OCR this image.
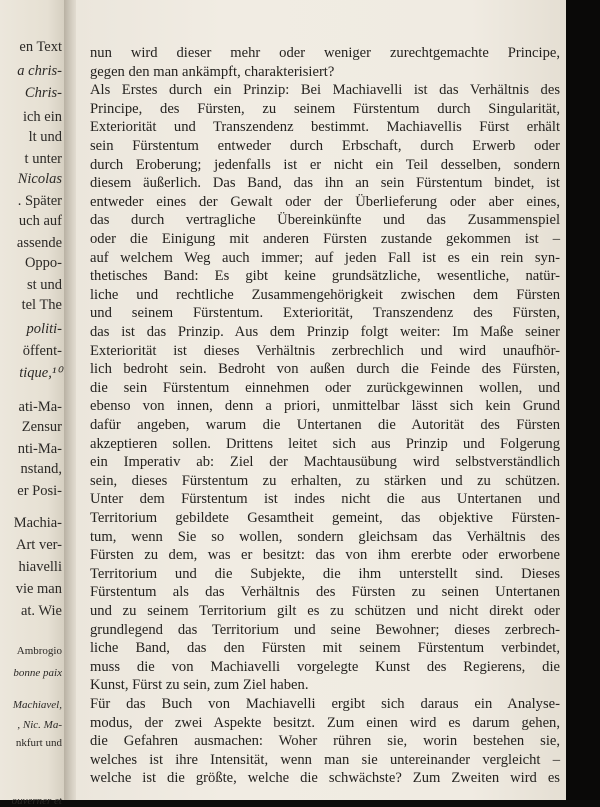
en Text
a chris-
Chris-
ich ein
lt und
t unter
Nicolas
. Später
uch auf
assende
Oppo-
st und
tel The
politi-
öffent-
tique,¹⁰
ati-Ma-
Zensur
nti-Ma-
nstand,
er Posi-
Machia-
Art ver-
hiavelli
vie man
at. Wie
Ambrogio
bonne paix
Machiavel,
, Nic. Ma-
nkfurt und
ouverner et
nun wird dieser mehr oder weniger zurechtgemachte Principe,
gegen den man ankämpft, charakterisiert?
Als Erstes durch ein Prinzip: Bei Machiavelli ist das Verhältnis des
Principe, des Fürsten, zu seinem Fürstentum durch Singularität,
Exteriorität und Transzendenz bestimmt. Machiavellis Fürst erhält
sein Fürstentum entweder durch Erbschaft, durch Erwerb oder
durch Eroberung; jedenfalls ist er nicht ein Teil desselben, sondern
diesem äußerlich. Das Band, das ihn an sein Fürstentum bindet, ist
entweder eines der Gewalt oder der Überlieferung oder aber eines,
das durch vertragliche Übereinkünfte und das Zusammenspiel
oder die Einigung mit anderen Fürsten zustande gekommen ist –
auf welchem Weg auch immer; auf jeden Fall ist es ein rein syn-
thetisches Band: Es gibt keine grundsätzliche, wesentliche, natür-
liche und rechtliche Zusammengehörigkeit zwischen dem Fürsten
und seinem Fürstentum. Exteriorität, Transzendenz des Fürsten,
das ist das Prinzip. Aus dem Prinzip folgt weiter: Im Maße seiner
Exteriorität ist dieses Verhältnis zerbrechlich und wird unaufhör-
lich bedroht sein. Bedroht von außen durch die Feinde des Fürsten,
die sein Fürstentum einnehmen oder zurückgewinnen wollen, und
ebenso von innen, denn a priori, unmittelbar lässt sich kein Grund
dafür angeben, warum die Untertanen die Autorität des Fürsten
akzeptieren sollen. Drittens leitet sich aus Prinzip und Folgerung
ein Imperativ ab: Ziel der Machtausübung wird selbstverständlich
sein, dieses Fürstentum zu erhalten, zu stärken und zu schützen.
Unter dem Fürstentum ist indes nicht die aus Untertanen und
Territorium gebildete Gesamtheit gemeint, das objektive Fürsten-
tum, wenn Sie so wollen, sondern gleichsam das Verhältnis des
Fürsten zu dem, was er besitzt: das von ihm ererbte oder erworbene
Territorium und die Subjekte, die ihm unterstellt sind. Dieses
Fürstentum als das Verhältnis des Fürsten zu seinen Untertanen
und zu seinem Territorium gilt es zu schützen und nicht direkt oder
grundlegend das Territorium und seine Bewohner; dieses zerbrech-
liche Band, das den Fürsten mit seinem Fürstentum verbindet,
muss die von Machiavelli vorgelegte Kunst des Regierens, die
Kunst, Fürst zu sein, zum Ziel haben.
Für das Buch von Machiavelli ergibt sich daraus ein Analyse-
modus, der zwei Aspekte besitzt. Zum einen wird es darum gehen,
die Gefahren ausmachen: Woher rühren sie, worin bestehen sie,
welches ist ihre Intensität, wenn man sie untereinander vergleicht –
welche ist die größte, welche die schwächste? Zum Zweiten wird es
